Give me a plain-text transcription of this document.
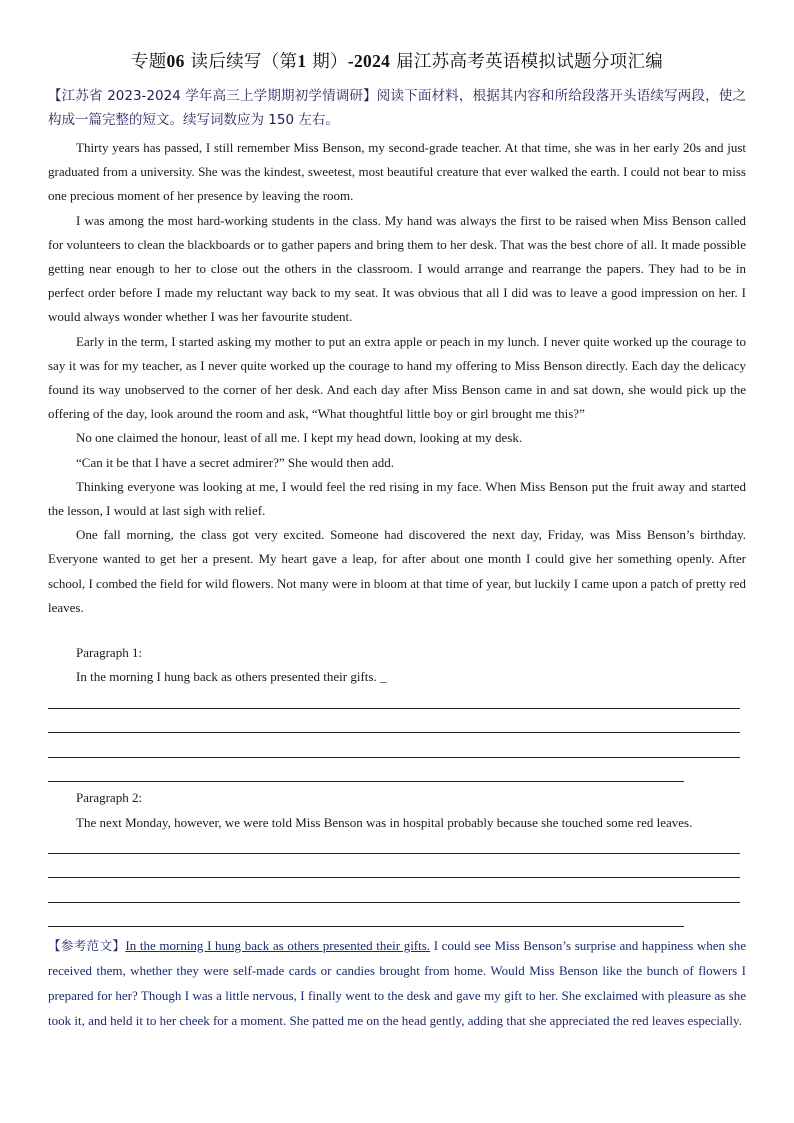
专题06 读后续写（第1 期）-2024 届江苏高考英语模拟试题分项汇编
【江苏省 2023-2024 学年高三上学期期初学情调研】阅读下面材料，根据其内容和所给段落开头语续写两段，使之构成一篇完整的短文。续写词数应为 150 左右。

Thirty years has passed, I still remember Miss Benson, my second-grade teacher. At that time, she was in her early 20s and just graduated from a university. She was the kindest, sweetest, most beautiful creature that ever walked the earth. I could not bear to miss one precious moment of her presence by leaving the room.

I was among the most hard-working students in the class. My hand was always the first to be raised when Miss Benson called for volunteers to clean the blackboards or to gather papers and bring them to her desk. That was the best chore of all. It made possible getting near enough to her to close out the others in the classroom. I would arrange and rearrange the papers. They had to be in perfect order before I made my reluctant way back to my seat. It was obvious that all I did was to leave a good impression on her. I would always wonder whether I was her favourite student.

Early in the term, I started asking my mother to put an extra apple or peach in my lunch. I never quite worked up the courage to say it was for my teacher, as I never quite worked up the courage to hand my offering to Miss Benson directly. Each day the delicacy found its way unobserved to the corner of her desk. And each day after Miss Benson came in and sat down, she would pick up the offering of the day, look around the room and ask, “What thoughtful little boy or girl brought me this?”

No one claimed the honour, least of all me. I kept my head down, looking at my desk.

“Can it be that I have a secret admirer?” She would then add.

Thinking everyone was looking at me, I would feel the red rising in my face. When Miss Benson put the fruit away and started the lesson, I would at last sigh with relief.

One fall morning, the class got very excited. Someone had discovered the next day, Friday, was Miss Benson’s birthday. Everyone wanted to get her a present. My heart gave a leap, for after about one month I could give her something openly. After school, I combed the field for wild flowers. Not many were in bloom at that time of year, but luckily I came upon a patch of pretty red leaves.

Paragraph 1:
In the morning I hung back as others presented their gifts. _
Paragraph 2:
The next Monday, however, we were told Miss Benson was in hospital probably because she touched some red leaves.
【参考范文】In the morning I hung back as others presented their gifts. I could see Miss Benson’s surprise and happiness when she received them, whether they were self-made cards or candies brought from home. Would Miss Benson like the bunch of flowers I prepared for her? Though I was a little nervous, I finally went to the desk and gave my gift to her. She exclaimed with pleasure as she took it, and held it to her cheek for a moment. She patted me on the head gently, adding that she appreciated the red leaves especially.
